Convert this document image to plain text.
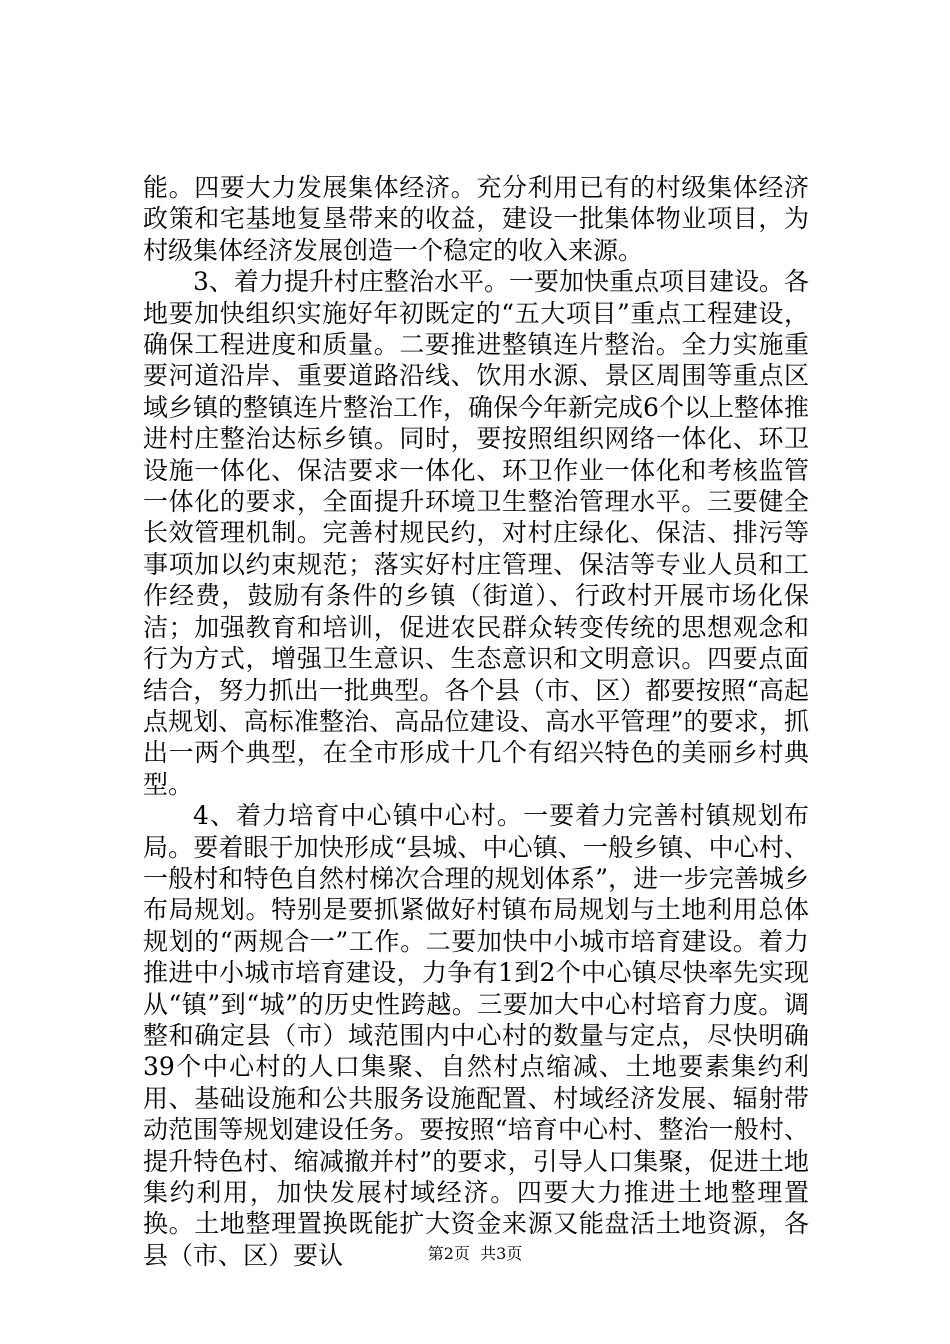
能。四要大力发展集体经济。充分利用已有的村级集体经济政策和宅基地复垦带来的收益，建设一批集体物业项目，为村级集体经济发展创造一个稳定的收入来源。

3、着力提升村庄整治水平。一要加快重点项目建设。各地要加快组织实施好年初既定的“五大项目”重点工程建设，确保工程进度和质量。二要推进整镇连片整治。全力实施重要河道沿岸、重要道路沿线、饮用水源、景区周围等重点区域乡镇的整镇连片整治工作，确保今年新完成6个以上整体推进村庄整治达标乡镇。同时，要按照组织网络一体化、环卫设施一体化、保洁要求一体化、环卫作业一体化和考核监管一体化的要求，全面提升环境卫生整治管理水平。三要健全长效管理机制。完善村规民约，对村庄绿化、保洁、排污等事项加以约束规范；落实好村庄管理、保洁等专业人员和工作经费，鼓励有条件的乡镇（街道）、行政村开展市场化保洁；加强教育和培训，促进农民群众转变传统的思想观念和行为方式，增强卫生意识、生态意识和文明意识。四要点面结合，努力抓出一批典型。各个县（市、区）都要按照“高起点规划、高标准整治、高品位建设、高水平管理”的要求，抓出一两个典型，在全市形成十几个有绍兴特色的美丽乡村典型。

4、着力培育中心镇中心村。一要着力完善村镇规划布局。要着眼于加快形成“县城、中心镇、一般乡镇、中心村、一般村和特色自然村梯次合理的规划体系”，进一步完善城乡布局规划。特别是要抓紧做好村镇布局规划与土地利用总体规划的“两规合一”工作。二要加快中小城市培育建设。着力推进中小城市培育建设，力争有1到2个中心镇尽快率先实现从“镇”到“城”的历史性跨越。三要加大中心村培育力度。调整和确定县（市）域范围内中心村的数量与定点，尽快明确39个中心村的人口集聚、自然村点缩减、土地要素集约利用、基础设施和公共服务设施配置、村域经济发展、辐射带动范围等规划建设任务。要按照“培育中心村、整治一般村、提升特色村、缩减撤并村”的要求，引导人口集聚，促进土地集约利用，加快发展村域经济。四要大力推进土地整理置换。土地整理置换既能扩大资金来源又能盘活土地资源，各县（市、区）要认	第2页 共3页
